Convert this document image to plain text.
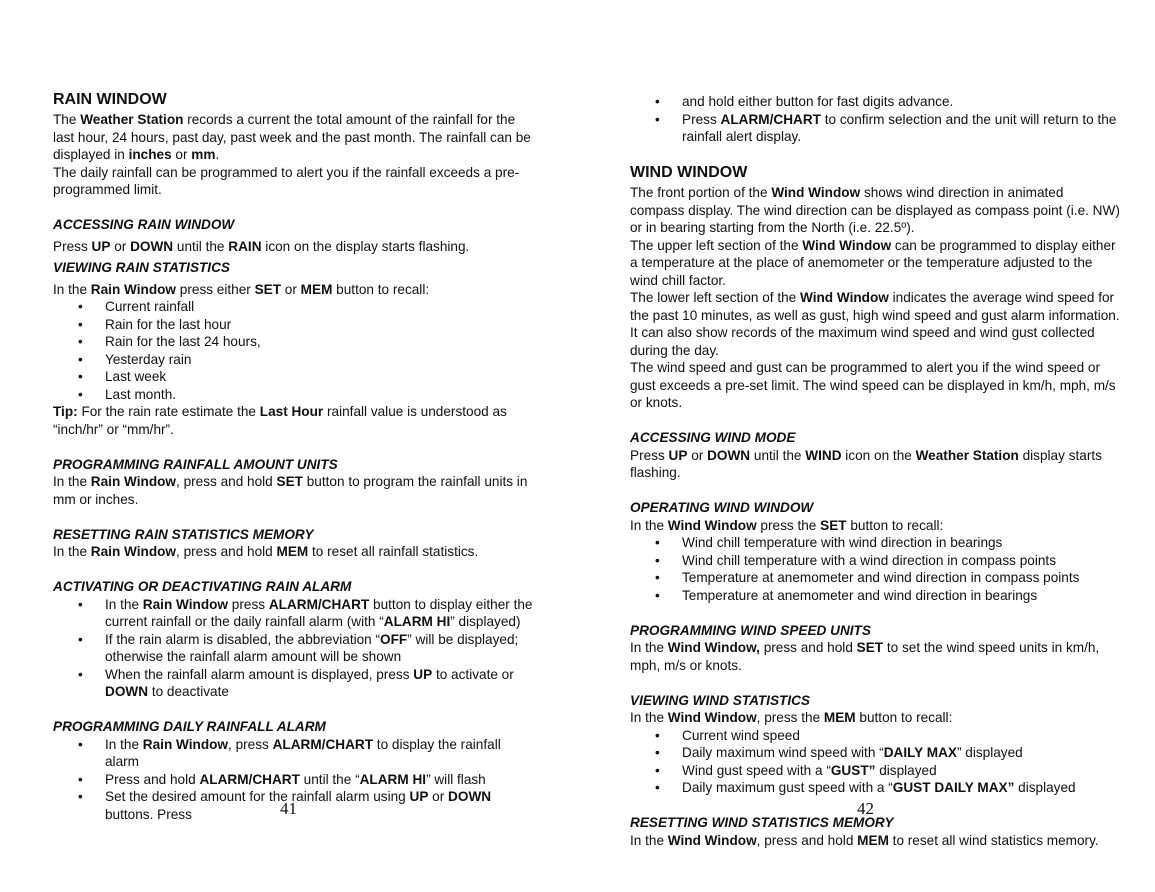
RAIN WINDOW

The Weather Station records a current the total amount of the rainfall for the last hour, 24 hours, past day, past week and the past month. The rainfall can be displayed in inches or mm.

The daily rainfall can be programmed to alert you if the rainfall exceeds a pre-programmed limit.

ACCESSING RAIN WINDOW

Press UP or DOWN until the RAIN icon on the display starts flashing.

VIEWING RAIN STATISTICS

In the Rain Window press either SET or MEM button to recall:

• Current rainfall
• Rain for the last hour
• Rain for the last 24 hours,
• Yesterday rain
• Last week
• Last month.

Tip: For the rain rate estimate the Last Hour rainfall value is understood as “inch/hr” or “mm/hr”.

PROGRAMMING RAINFALL AMOUNT UNITS

In the Rain Window, press and hold SET button to program the rainfall units in mm or inches.

RESETTING RAIN STATISTICS MEMORY

In the Rain Window, press and hold MEM to reset all rainfall statistics.

ACTIVATING OR DEACTIVATING RAIN ALARM
• In the Rain Window press ALARM/CHART button to display either the current rainfall or the daily rainfall alarm (with “ALARM HI” displayed)
• If the rain alarm is disabled, the abbreviation “OFF” will be displayed; otherwise the rainfall alarm amount will be shown
• When the rainfall alarm amount is displayed, press UP to activate or DOWN to deactivate
PROGRAMMING DAILY RAINFALL ALARM
• In the Rain Window, press ALARM/CHART to display the rainfall alarm
• Press and hold ALARM/CHART until the “ALARM HI” will flash
• Set the desired amount for the rainfall alarm using UP or DOWN buttons. Press
• and hold either button for fast digits advance.
• Press ALARM/CHART to confirm selection and the unit will return to the rainfall alert display.
WIND WINDOW

The front portion of the Wind Window shows wind direction in animated compass display. The wind direction can be displayed as compass point (i.e. NW) or in bearing starting from the North (i.e. 22.5º).

The upper left section of the Wind Window can be programmed to display either a temperature at the place of anemometer or the temperature adjusted to the wind chill factor.

The lower left section of the Wind Window indicates the average wind speed for the past 10 minutes, as well as gust, high wind speed and gust alarm information. It can also show records of the maximum wind speed and wind gust collected during the day.

The wind speed and gust can be programmed to alert you if the wind speed or gust exceeds a pre-set limit. The wind speed can be displayed in km/h, mph, m/s or knots.

ACCESSING WIND MODE

Press UP or DOWN until the WIND icon on the Weather Station display starts flashing.

OPERATING WIND WINDOW

In the Wind Window press the SET button to recall:

• Wind chill temperature with wind direction in bearings
• Wind chill temperature with a wind direction in compass points
• Temperature at anemometer and wind direction in compass points
• Temperature at anemometer and wind direction in bearings
PROGRAMMING WIND SPEED UNITS

In the Wind Window, press and hold SET to set the wind speed units in km/h, mph, m/s or knots.

VIEWING WIND STATISTICS

In the Wind Window, press the MEM button to recall:

• Current wind speed
• Daily maximum wind speed with “DAILY MAX” displayed
• Wind gust speed with a “GUST” displayed
• Daily maximum gust speed with a “GUST DAILY MAX” displayed
RESETTING WIND STATISTICS MEMORY

In the Wind Window, press and hold MEM to reset all wind statistics memory.

41	42
